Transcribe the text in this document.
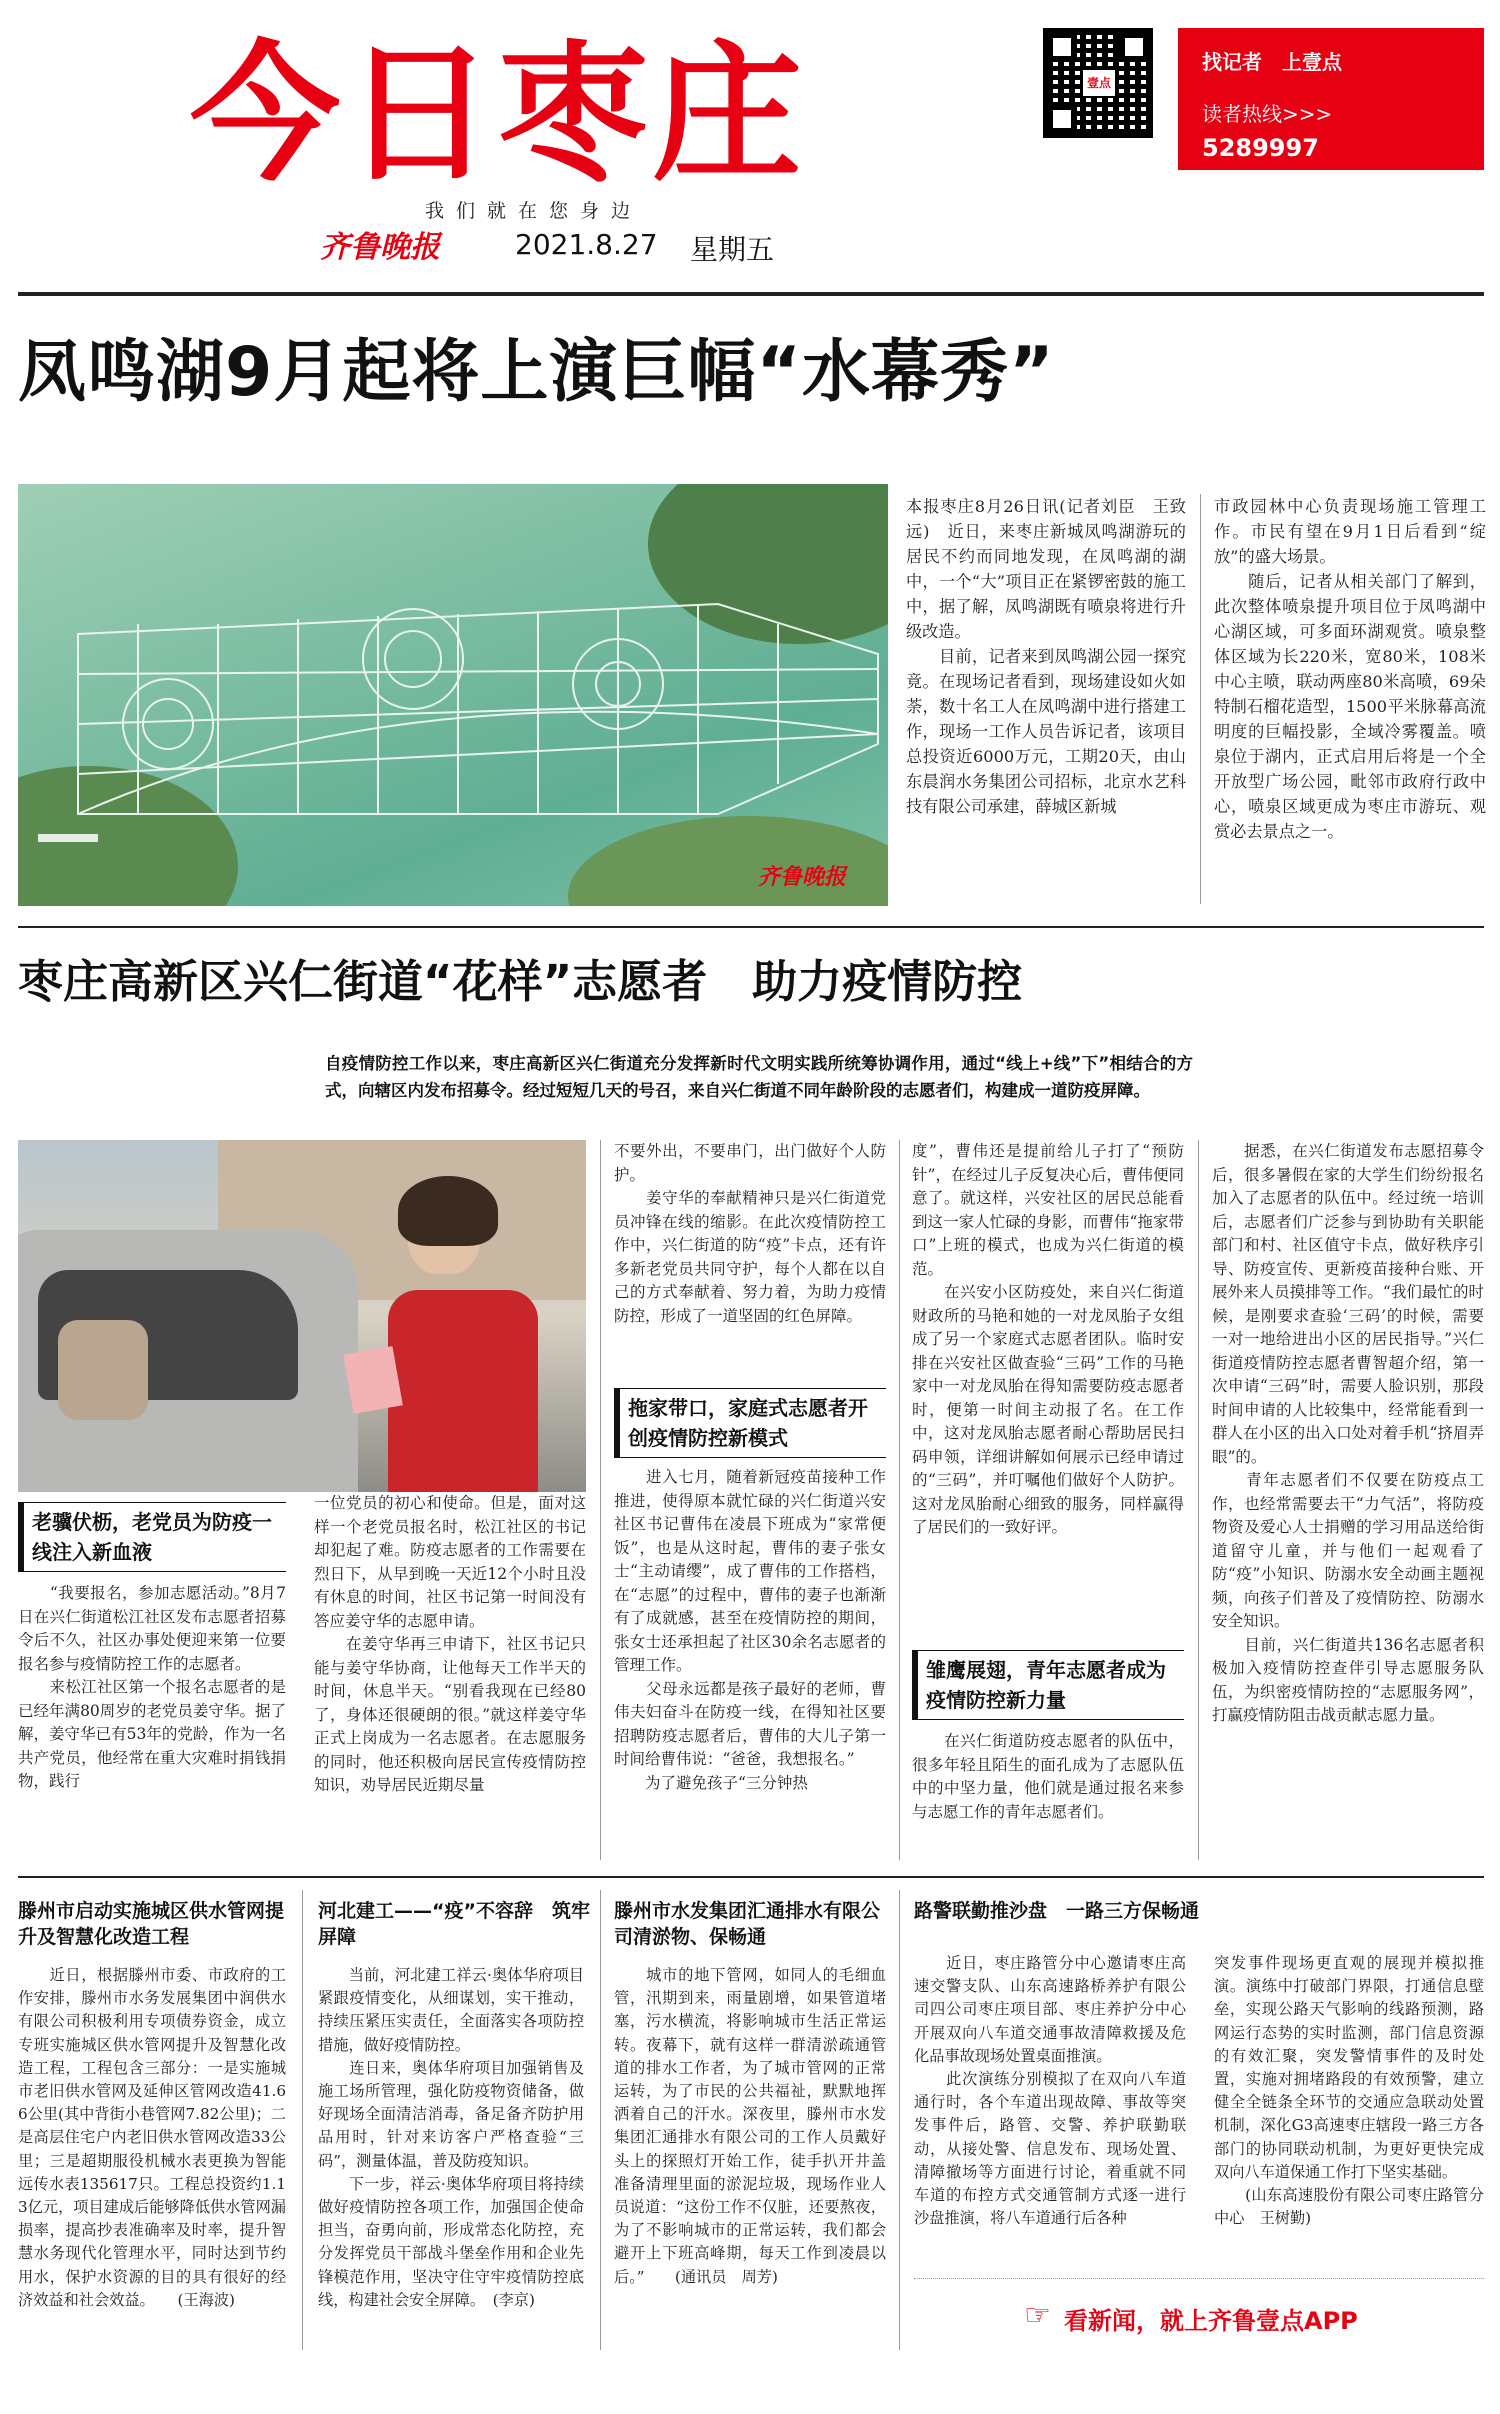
今日枣庄
我们就在您身边
齐鲁晚报	2021.8.27 星期五
壹点
找记者　上壹点
读者热线>>>
5289997
凤鸣湖9月起将上演巨幅“水幕秀”
齐鲁晚报
本报枣庄8月26日讯(记者刘臣　王致远)　近日，来枣庄新城凤鸣湖游玩的居民不约而同地发现，在凤鸣湖的湖中，一个“大”项目正在紧锣密鼓的施工中，据了解，凤鸣湖既有喷泉将进行升级改造。
　　目前，记者来到凤鸣湖公园一探究竟。在现场记者看到，现场建设如火如荼，数十名工人在凤鸣湖中进行搭建工作，现场一工作人员告诉记者，该项目总投资近6000万元，工期20天，由山东晨润水务集团公司招标，北京水艺科技有限公司承建，薛城区新城
市政园林中心负责现场施工管理工作。市民有望在9月1日后看到“绽放”的盛大场景。
　　随后，记者从相关部门了解到，此次整体喷泉提升项目位于凤鸣湖中心湖区域，可多面环湖观赏。喷泉整体区域为长220米，宽80米，108米中心主喷，联动两座80米高喷，69朵特制石榴花造型，1500平米脉幕高流明度的巨幅投影，全域冷雾覆盖。喷泉位于湖内，正式启用后将是一个全开放型广场公园，毗邻市政府行政中心，喷泉区域更成为枣庄市游玩、观赏必去景点之一。
枣庄高新区兴仁街道“花样”志愿者　助力疫情防控
自疫情防控工作以来，枣庄高新区兴仁街道充分发挥新时代文明实践所统筹协调作用，通过“线上+线”下”相结合的方式，向辖区内发布招募令。经过短短几天的号召，来自兴仁街道不同年龄阶段的志愿者们，构建成一道防疫屏障。
老骥伏枥，老党员为防疫一线注入新血液
拖家带口，家庭式志愿者开创疫情防控新模式
雏鹰展翅，青年志愿者成为疫情防控新力量
　　“我要报名，参加志愿活动。”8月7日在兴仁街道松江社区发布志愿者招募令后不久，社区办事处便迎来第一位要报名参与疫情防控工作的志愿者。
　　来松江社区第一个报名志愿者的是已经年满80周岁的老党员姜守华。据了解，姜守华已有53年的党龄，作为一名共产党员，他经常在重大灾难时捐钱捐物，践行
不要外出，不要串门，出门做好个人防护。
　　姜守华的奉献精神只是兴仁街道党员冲锋在线的缩影。在此次疫情防控工作中，兴仁街道的防“疫”卡点，还有许多新老党员共同守护，每个人都在以自己的方式奉献着、努力着，为助力疫情防控，形成了一道坚固的红色屏障。
一位党员的初心和使命。但是，面对这样一个老党员报名时，松江社区的书记却犯起了难。防疫志愿者的工作需要在烈日下，从早到晚一天近12个小时且没有休息的时间，社区书记第一时间没有答应姜守华的志愿申请。
　　在姜守华再三申请下，社区书记只能与姜守华协商，让他每天工作半天的时间，休息半天。“别看我现在已经80了，身体还很硬朗的很。”就这样姜守华正式上岗成为一名志愿者。在志愿服务的同时，他还积极向居民宣传疫情防控知识，劝导居民近期尽量
　　进入七月，随着新冠疫苗接种工作推进，使得原本就忙碌的兴仁街道兴安社区书记曹伟在凌晨下班成为“家常便饭”，也是从这时起，曹伟的妻子张女士“主动请缨”，成了曹伟的工作搭档，在“志愿”的过程中，曹伟的妻子也渐渐有了成就感，甚至在疫情防控的期间，张女士还承担起了社区30余名志愿者的管理工作。
　　父母永远都是孩子最好的老师，曹伟夫妇奋斗在防疫一线，在得知社区要招聘防疫志愿者后，曹伟的大儿子第一时间给曹伟说：“爸爸，我想报名。”
　　为了避免孩子“三分钟热
度”，曹伟还是提前给儿子打了“预防针”，在经过儿子反复决心后，曹伟便同意了。就这样，兴安社区的居民总能看到这一家人忙碌的身影，而曹伟“拖家带口”上班的模式，也成为兴仁街道的模范。
　　在兴安小区防疫处，来自兴仁街道财政所的马艳和她的一对龙凤胎子女组成了另一个家庭式志愿者团队。临时安排在兴安社区做查验“三码”工作的马艳家中一对龙凤胎在得知需要防疫志愿者时，便第一时间主动报了名。在工作中，这对龙凤胎志愿者耐心帮助居民扫码申领，详细讲解如何展示已经申请过的“三码”，并叮嘱他们做好个人防护。这对龙凤胎耐心细致的服务，同样赢得了居民们的一致好评。
　　在兴仁街道防疫志愿者的队伍中，很多年轻且陌生的面孔成为了志愿队伍中的中坚力量，他们就是通过报名来参与志愿工作的青年志愿者们。
　　据悉，在兴仁街道发布志愿招募令后，很多暑假在家的大学生们纷纷报名加入了志愿者的队伍中。经过统一培训后，志愿者们广泛参与到协助有关职能部门和村、社区值守卡点，做好秩序引导、防疫宣传、更新疫苗接种台账、开展外来人员摸排等工作。“我们最忙的时候，是刚要求查验‘三码’的时候，需要一对一地给进出小区的居民指导。”兴仁街道疫情防控志愿者曹智超介绍，第一次申请“三码”时，需要人脸识别，那段时间申请的人比较集中，经常能看到一群人在小区的出入口处对着手机“挤眉弄眼”的。
　　青年志愿者们不仅要在防疫点工作，也经常需要去干“力气活”，将防疫物资及爱心人士捐赠的学习用品送给街道留守儿童，并与他们一起观看了防“疫”小知识、防溺水安全动画主题视频，向孩子们普及了疫情防控、防溺水安全知识。
　　目前，兴仁街道共136名志愿者积极加入疫情防控查伴引导志愿服务队伍，为织密疫情防控的“志愿服务网”，打赢疫情防阻击战贡献志愿力量。
滕州市启动实施城区供水管网提升及智慧化改造工程
　　近日，根据滕州市委、市政府的工作安排，滕州市水务发展集团中润供水有限公司积极利用专项债券资金，成立专班实施城区供水管网提升及智慧化改造工程，工程包含三部分：一是实施城市老旧供水管网及延伸区管网改造41.66公里(其中背街小巷管网7.82公里)；二是高层住宅户内老旧供水管网改造33公里；三是超期服役机械水表更换为智能远传水表135617只。工程总投资约1.13亿元，项目建成后能够降低供水管网漏损率，提高抄表准确率及时率，提升智慧水务现代化管理水平，同时达到节约用水，保护水资源的目的具有很好的经济效益和社会效益。　　(王海波)
河北建工——“疫”不容辞　筑牢屏障
　　当前，河北建工祥云·奥体华府项目紧跟疫情变化，从细谋划，实干推动，持续压紧压实责任，全面落实各项防控措施，做好疫情防控。
　　连日来，奥体华府项目加强销售及施工场所管理，强化防疫物资储备，做好现场全面清洁消毒，备足备齐防护用品用时，针对来访客户严格查验“三码”，测量体温，普及防疫知识。
　　下一步，祥云·奥体华府项目将持续做好疫情防控各项工作，加强国企使命担当，奋勇向前，形成常态化防控，充分发挥党员干部战斗堡垒作用和企业先锋模范作用，坚决守住守牢疫情防控底线，构建社会安全屏障。　(李京)
滕州市水发集团汇通排水有限公司清淤物、保畅通
　　城市的地下管网，如同人的毛细血管，汛期到来，雨量剧增，如果管道堵塞，污水横流，将影响城市生活正常运转。夜幕下，就有这样一群清淤疏通管道的排水工作者，为了城市管网的正常运转，为了市民的公共福祉，默默地挥洒着自己的汗水。深夜里，滕州市水发集团汇通排水有限公司的工作人员戴好头上的探照灯开始工作，徒手扒开井盖准备清理里面的淤泥垃圾，现场作业人员说道：“这份工作不仅脏，还要熬夜，为了不影响城市的正常运转，我们都会避开上下班高峰期，每天工作到凌晨以后。”　　(通讯员　周芳)
路警联勤推沙盘　一路三方保畅通
　　近日，枣庄路管分中心邀请枣庄高速交警支队、山东高速路桥养护有限公司四公司枣庄项目部、枣庄养护分中心开展双向八车道交通事故清障救援及危化品事故现场处置桌面推演。
　　此次演练分别模拟了在双向八车道通行时，各个车道出现故障、事故等突发事件后，路管、交警、养护联勤联动，从接处警、信息发布、现场处置、清障撤场等方面进行讨论，着重就不同车道的布控方式交通管制方式逐一进行沙盘推演，将八车道通行后各种
突发事件现场更直观的展现并模拟推演。演练中打破部门界限，打通信息壁垒，实现公路天气影响的线路预测，路网运行态势的实时监测，部门信息资源的有效汇聚，突发警情事件的及时处置，实施对拥堵路段的有效预警，建立健全全链条全环节的交通应急联动处置机制，深化G3高速枣庄辖段一路三方各部门的协同联动机制，为更好更快完成双向八车道保通工作打下坚实基础。
　　(山东高速股份有限公司枣庄路管分中心　王树勤)
☞ 看新闻，就上齐鲁壹点APP
